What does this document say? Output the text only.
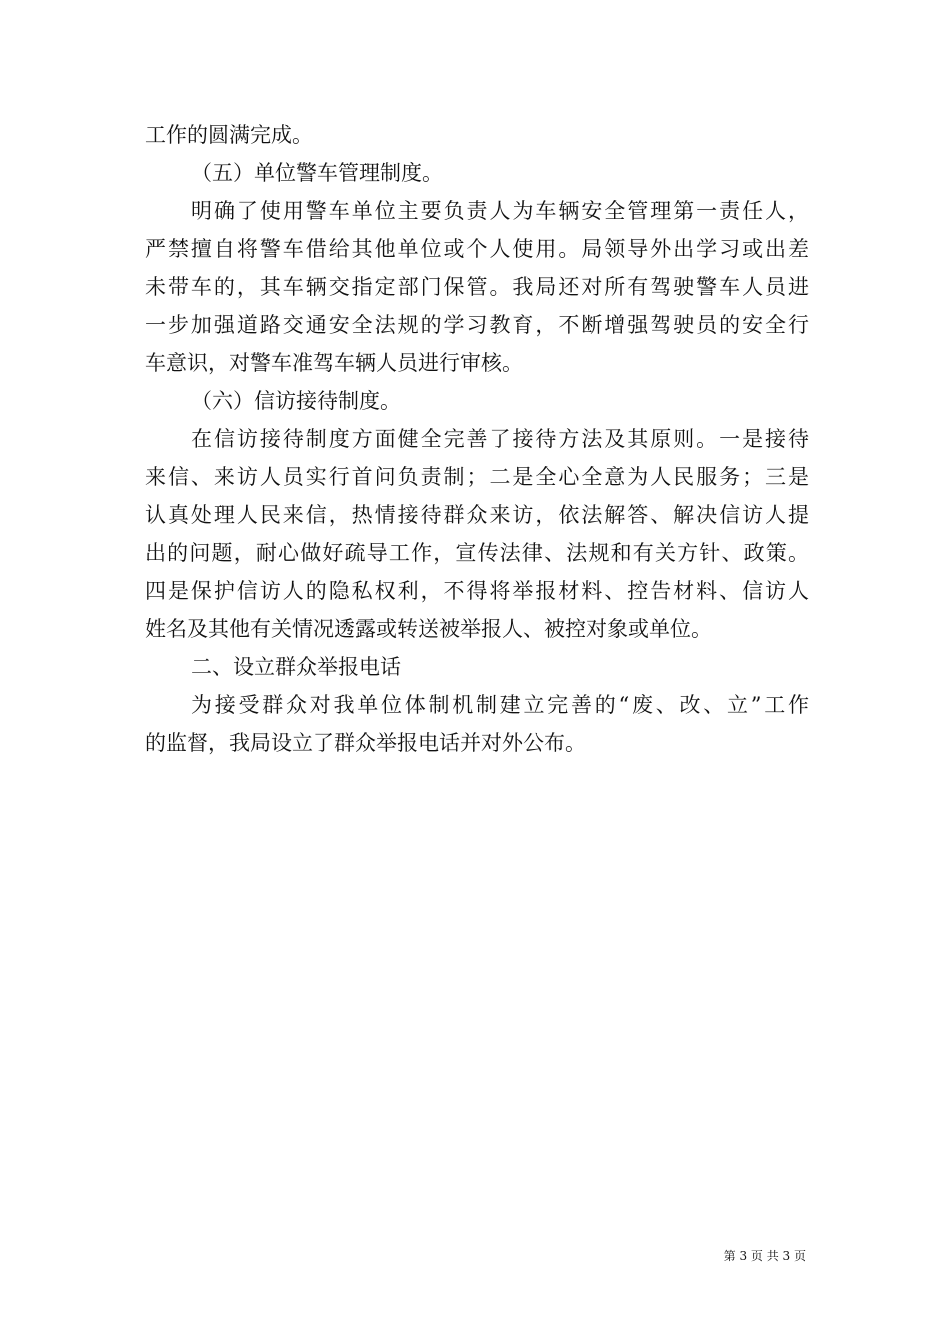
工作的圆满完成。
（五）单位警车管理制度。
明确了使用警车单位主要负责人为车辆安全管理第一责任人，
严禁擅自将警车借给其他单位或个人使用。局领导外出学习或出差
未带车的，其车辆交指定部门保管。我局还对所有驾驶警车人员进
一步加强道路交通安全法规的学习教育，不断增强驾驶员的安全行
车意识，对警车准驾车辆人员进行审核。
（六）信访接待制度。
在信访接待制度方面健全完善了接待方法及其原则。一是接待
来信、来访人员实行首问负责制；二是全心全意为人民服务；三是
认真处理人民来信，热情接待群众来访，依法解答、解决信访人提
出的问题，耐心做好疏导工作，宣传法律、法规和有关方针、政策。
四是保护信访人的隐私权利，不得将举报材料、控告材料、信访人
姓名及其他有关情况透露或转送被举报人、被控对象或单位。
二、设立群众举报电话
为接受群众对我单位体制机制建立完善的“废、改、立”工作
的监督，我局设立了群众举报电话并对外公布。
第 3 页 共 3 页
